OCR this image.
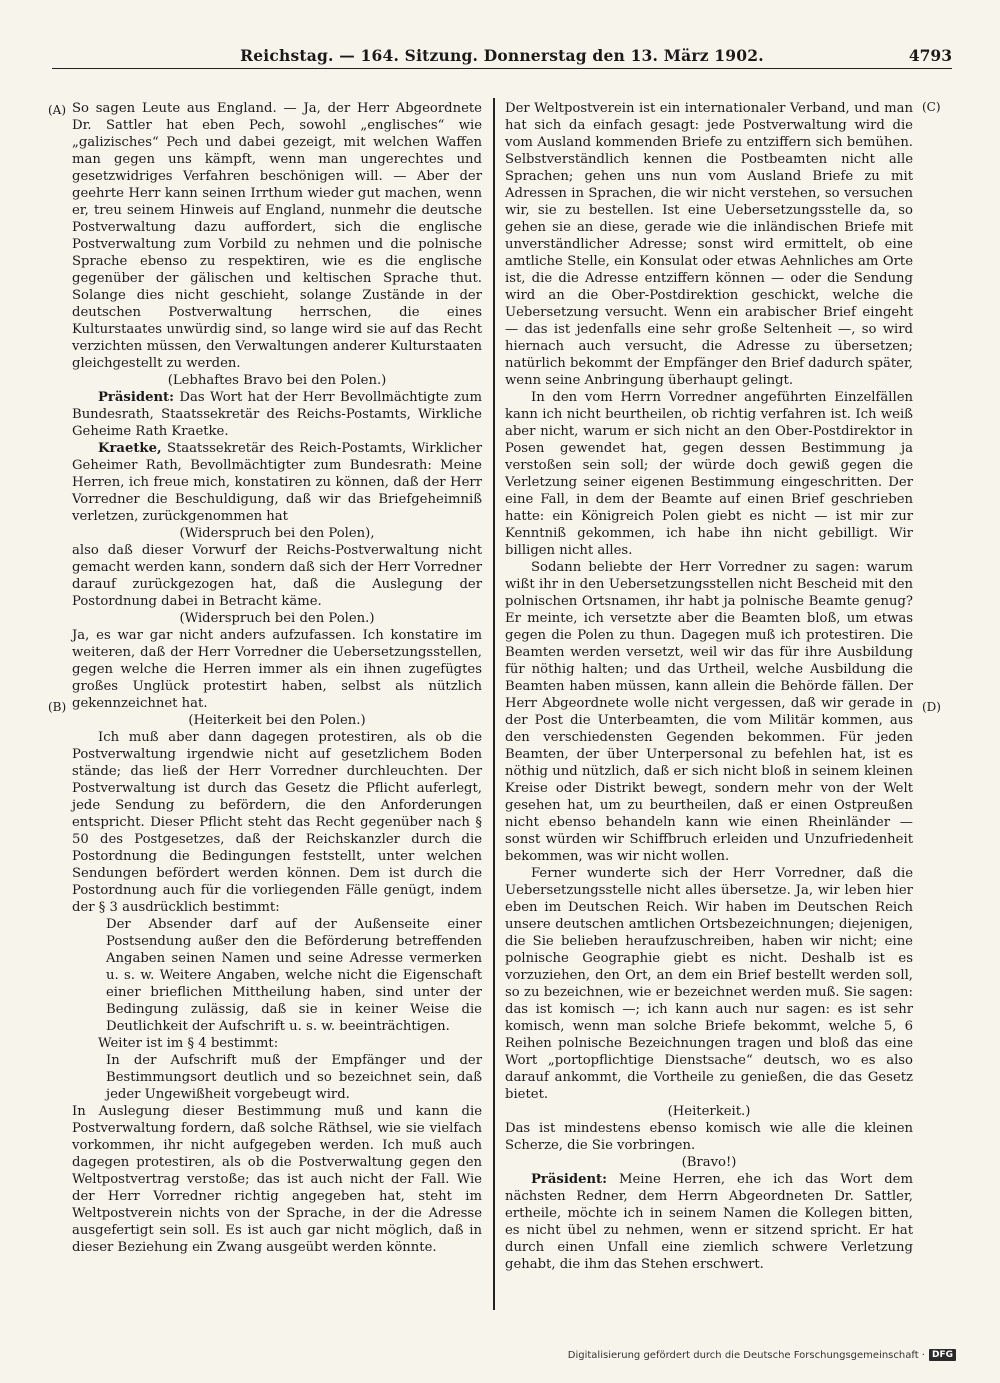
Reichstag. — 164. Sitzung. Donnerstag den 13. März 1902.	4793
(A)
(B)
(C)
(D)

So sagen Leute aus England. — Ja, der Herr Abgeordnete Dr. Sattler hat eben Pech, sowohl „englisches“ wie „galizisches“ Pech und dabei gezeigt, mit welchen Waffen man gegen uns kämpft, wenn man ungerechtes und gesetzwidriges Verfahren beschönigen will. — Aber der geehrte Herr kann seinen Irrthum wieder gut machen, wenn er, treu seinem Hinweis auf England, nunmehr die deutsche Postverwaltung dazu auffordert, sich die englische Postverwaltung zum Vorbild zu nehmen und die polnische Sprache ebenso zu respektiren, wie es die englische gegenüber der gälischen und keltischen Sprache thut. Solange dies nicht geschieht, solange Zustände in der deutschen Postverwaltung herrschen, die eines Kulturstaates unwürdig sind, so lange wird sie auf das Recht verzichten müssen, den Verwaltungen anderer Kulturstaaten gleichgestellt zu werden.

(Lebhaftes Bravo bei den Polen.)

Präsident: Das Wort hat der Herr Bevollmächtigte zum Bundesrath, Staatssekretär des Reichs-Postamts, Wirkliche Geheime Rath Kraetke.

Kraetke, Staatssekretär des Reich-Postamts, Wirklicher Geheimer Rath, Bevollmächtigter zum Bundesrath: Meine Herren, ich freue mich, konstatiren zu können, daß der Herr Vorredner die Beschuldigung, daß wir das Briefgeheimniß verletzen, zurückgenommen hat

(Widerspruch bei den Polen),

also daß dieser Vorwurf der Reichs-Postverwaltung nicht gemacht werden kann, sondern daß sich der Herr Vorredner darauf zurückgezogen hat, daß die Auslegung der Postordnung dabei in Betracht käme.

(Widerspruch bei den Polen.)

Ja, es war gar nicht anders aufzufassen. Ich konstatire im weiteren, daß der Herr Vorredner die Uebersetzungsstellen, gegen welche die Herren immer als ein ihnen zugefügtes großes Unglück protestirt haben, selbst als nützlich gekennzeichnet hat.

(Heiterkeit bei den Polen.)

Ich muß aber dann dagegen protestiren, als ob die Postverwaltung irgendwie nicht auf gesetzlichem Boden stände; das ließ der Herr Vorredner durchleuchten. Der Postverwaltung ist durch das Gesetz die Pflicht auferlegt, jede Sendung zu befördern, die den Anforderungen entspricht. Dieser Pflicht steht das Recht gegenüber nach § 50 des Postgesetzes, daß der Reichskanzler durch die Postordnung die Bedingungen feststellt, unter welchen Sendungen befördert werden können. Dem ist durch die Postordnung auch für die vorliegenden Fälle genügt, indem der § 3 ausdrücklich bestimmt:

Der Absender darf auf der Außenseite einer Postsendung außer den die Beförderung betreffenden Angaben seinen Namen und seine Adresse vermerken u. s. w. Weitere Angaben, welche nicht die Eigenschaft einer brieflichen Mittheilung haben, sind unter der Bedingung zulässig, daß sie in keiner Weise die Deutlichkeit der Aufschrift u. s. w. beeinträchtigen.

Weiter ist im § 4 bestimmt:

In der Aufschrift muß der Empfänger und der Bestimmungsort deutlich und so bezeichnet sein, daß jeder Ungewißheit vorgebeugt wird.

In Auslegung dieser Bestimmung muß und kann die Postverwaltung fordern, daß solche Räthsel, wie sie vielfach vorkommen, ihr nicht aufgegeben werden. Ich muß auch dagegen protestiren, als ob die Postverwaltung gegen den Weltpostvertrag verstoße; das ist auch nicht der Fall. Wie der Herr Vorredner richtig angegeben hat, steht im Weltpostverein nichts von der Sprache, in der die Adresse ausgefertigt sein soll. Es ist auch gar nicht möglich, daß in dieser Beziehung ein Zwang ausgeübt werden könnte.

Der Weltpostverein ist ein internationaler Verband, und man hat sich da einfach gesagt: jede Postverwaltung wird die vom Ausland kommenden Briefe zu entziffern sich bemühen. Selbstverständlich kennen die Postbeamten nicht alle Sprachen; gehen uns nun vom Ausland Briefe zu mit Adressen in Sprachen, die wir nicht verstehen, so versuchen wir, sie zu bestellen. Ist eine Uebersetzungsstelle da, so gehen sie an diese, gerade wie die inländischen Briefe mit unverständlicher Adresse; sonst wird ermittelt, ob eine amtliche Stelle, ein Konsulat oder etwas Aehnliches am Orte ist, die die Adresse entziffern können — oder die Sendung wird an die Ober-Postdirektion geschickt, welche die Uebersetzung versucht. Wenn ein arabischer Brief eingeht — das ist jedenfalls eine sehr große Seltenheit —, so wird hiernach auch versucht, die Adresse zu übersetzen; natürlich bekommt der Empfänger den Brief dadurch später, wenn seine Anbringung überhaupt gelingt.

In den vom Herrn Vorredner angeführten Einzelfällen kann ich nicht beurtheilen, ob richtig verfahren ist. Ich weiß aber nicht, warum er sich nicht an den Ober-Postdirektor in Posen gewendet hat, gegen dessen Bestimmung ja verstoßen sein soll; der würde doch gewiß gegen die Verletzung seiner eigenen Bestimmung eingeschritten. Der eine Fall, in dem der Beamte auf einen Brief geschrieben hatte: ein Königreich Polen giebt es nicht — ist mir zur Kenntniß gekommen, ich habe ihn nicht gebilligt. Wir billigen nicht alles.

Sodann beliebte der Herr Vorredner zu sagen: warum wißt ihr in den Uebersetzungsstellen nicht Bescheid mit den polnischen Ortsnamen, ihr habt ja polnische Beamte genug? Er meinte, ich versetzte aber die Beamten bloß, um etwas gegen die Polen zu thun. Dagegen muß ich protestiren. Die Beamten werden versetzt, weil wir das für ihre Ausbildung für nöthig halten; und das Urtheil, welche Ausbildung die Beamten haben müssen, kann allein die Behörde fällen. Der Herr Abgeordnete wolle nicht vergessen, daß wir gerade in der Post die Unterbeamten, die vom Militär kommen, aus den verschiedensten Gegenden bekommen. Für jeden Beamten, der über Unterpersonal zu befehlen hat, ist es nöthig und nützlich, daß er sich nicht bloß in seinem kleinen Kreise oder Distrikt bewegt, sondern mehr von der Welt gesehen hat, um zu beurtheilen, daß er einen Ostpreußen nicht ebenso behandeln kann wie einen Rheinländer — sonst würden wir Schiffbruch erleiden und Unzufriedenheit bekommen, was wir nicht wollen.

Ferner wunderte sich der Herr Vorredner, daß die Uebersetzungsstelle nicht alles übersetze. Ja, wir leben hier eben im Deutschen Reich. Wir haben im Deutschen Reich unsere deutschen amtlichen Ortsbezeichnungen; diejenigen, die Sie belieben heraufzuschreiben, haben wir nicht; eine polnische Geographie giebt es nicht. Deshalb ist es vorzuziehen, den Ort, an dem ein Brief bestellt werden soll, so zu bezeichnen, wie er bezeichnet werden muß. Sie sagen: das ist komisch —; ich kann auch nur sagen: es ist sehr komisch, wenn man solche Briefe bekommt, welche 5, 6 Reihen polnische Bezeichnungen tragen und bloß das eine Wort „portopflichtige Dienstsache“ deutsch, wo es also darauf ankommt, die Vortheile zu genießen, die das Gesetz bietet.

(Heiterkeit.)

Das ist mindestens ebenso komisch wie alle die kleinen Scherze, die Sie vorbringen.

(Bravo!)

Präsident: Meine Herren, ehe ich das Wort dem nächsten Redner, dem Herrn Abgeordneten Dr. Sattler, ertheile, möchte ich in seinem Namen die Kollegen bitten, es nicht übel zu nehmen, wenn er sitzend spricht. Er hat durch einen Unfall eine ziemlich schwere Verletzung gehabt, die ihm das Stehen erschwert.

Digitalisierung gefördert durch die Deutsche Forschungsgemeinschaft · DFG
